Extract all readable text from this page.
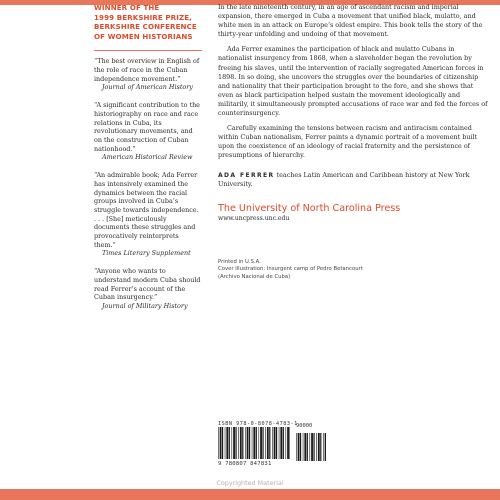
WINNER OF THE
1999 BERKSHIRE PRIZE,
BERKSHIRE CONFERENCE
OF WOMEN HISTORIANS
“The best overview in English of the role of race in the Cuban independence movement.”
Journal of American History
“A significant contribution to the historiography on race and race relations in Cuba, its revolutionary movements, and on the construction of Cuban nationhood.”
American Historical Review
“An admirable book; Ada Ferrer has intensively examined the dynamics between the racial groups involved in Cuba’s struggle towards independence. . . . [She] meticulously documents these struggles and provocatively reinterprets them.”
Times Literary Supplement
“Anyone who wants to understand modern Cuba should read Ferrer’s account of the Cuban insurgency.”
Journal of Military History

In the late nineteenth century, in an age of ascendant racism and imperial expansion, there emerged in Cuba a movement that unified black, mulatto, and white men in an attack on Europe’s oldest empire. This book tells the story of the thirty-year unfolding and undoing of that movement.

Ada Ferrer examines the participation of black and mulatto Cubans in nationalist insurgency from 1868, when a slaveholder began the revolution by freeing his slaves, until the intervention of racially segregated American forces in 1898. In so doing, she uncovers the struggles over the boundaries of citizenship and nationality that their participation brought to the fore, and she shows that even as black participation helped sustain the movement ideologically and militarily, it simultaneously prompted accusations of race war and fed the forces of counterinsurgency.

Carefully examining the tensions between racism and antiracism contained within Cuban nationalism, Ferrer paints a dynamic portrait of a movement built upon the coexistence of an ideology of racial fraternity and the persistence of presumptions of hierarchy.

ADA FERRER teaches Latin American and Caribbean history at New York University.

The University of North Carolina Press

www.uncpress.unc.edu

Printed in U.S.A.
Cover illustration: Insurgent camp of Pedro Betancourt
(Archivo Nacional de Cuba)
ISBN 978-0-8078-4783-1
90000
9 780807 847831
Copyrighted Material
